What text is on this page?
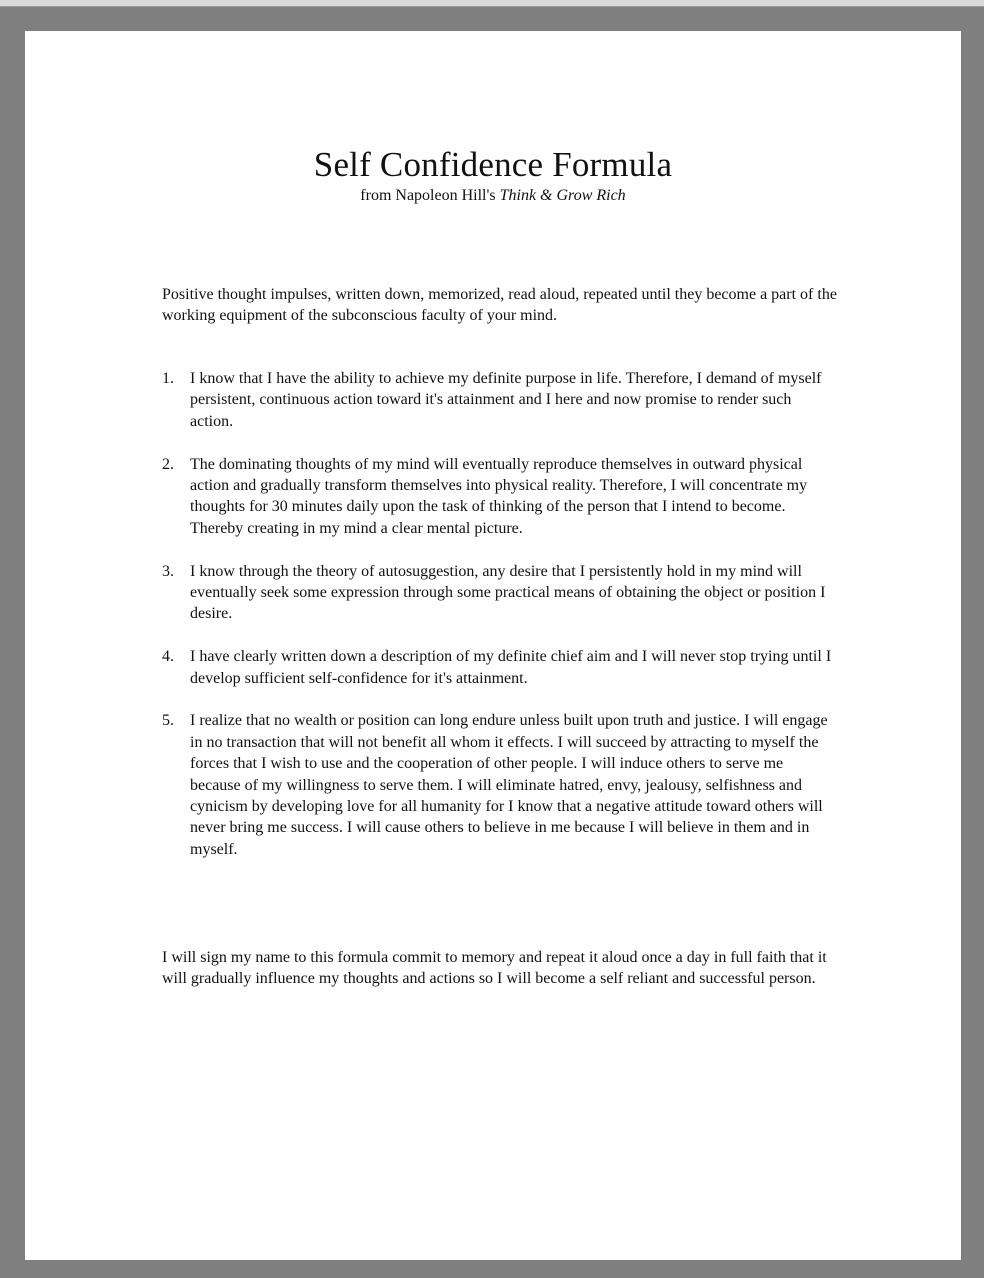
Self Confidence Formula
from Napoleon Hill's Think & Grow Rich

Positive thought impulses, written down, memorized, read aloud, repeated until they become a part of the working equipment of the subconscious faculty of your mind.

1. I know that I have the ability to achieve my definite purpose in life. Therefore, I demand of myself persistent, continuous action toward it's attainment and I here and now promise to render such action.
2. The dominating thoughts of my mind will eventually reproduce themselves in outward physical action and gradually transform themselves into physical reality. Therefore, I will concentrate my thoughts for 30 minutes daily upon the task of thinking of the person that I intend to become. Thereby creating in my mind a clear mental picture.
3. I know through the theory of autosuggestion, any desire that I persistently hold in my mind will eventually seek some expression through some practical means of obtaining the object or position I desire.
4. I have clearly written down a description of my definite chief aim and I will never stop trying until I develop sufficient self-confidence for it's attainment.
5. I realize that no wealth or position can long endure unless built upon truth and justice. I will engage in no transaction that will not benefit all whom it effects. I will succeed by attracting to myself the forces that I wish to use and the cooperation of other people. I will induce others to serve me because of my willingness to serve them. I will eliminate hatred, envy, jealousy, selfishness and cynicism by developing love for all humanity for I know that a negative attitude toward others will never bring me success. I will cause others to believe in me because I will believe in them and in myself.

I will sign my name to this formula commit to memory and repeat it aloud once a day in full faith that it will gradually influence my thoughts and actions so I will become a self reliant and successful person.
